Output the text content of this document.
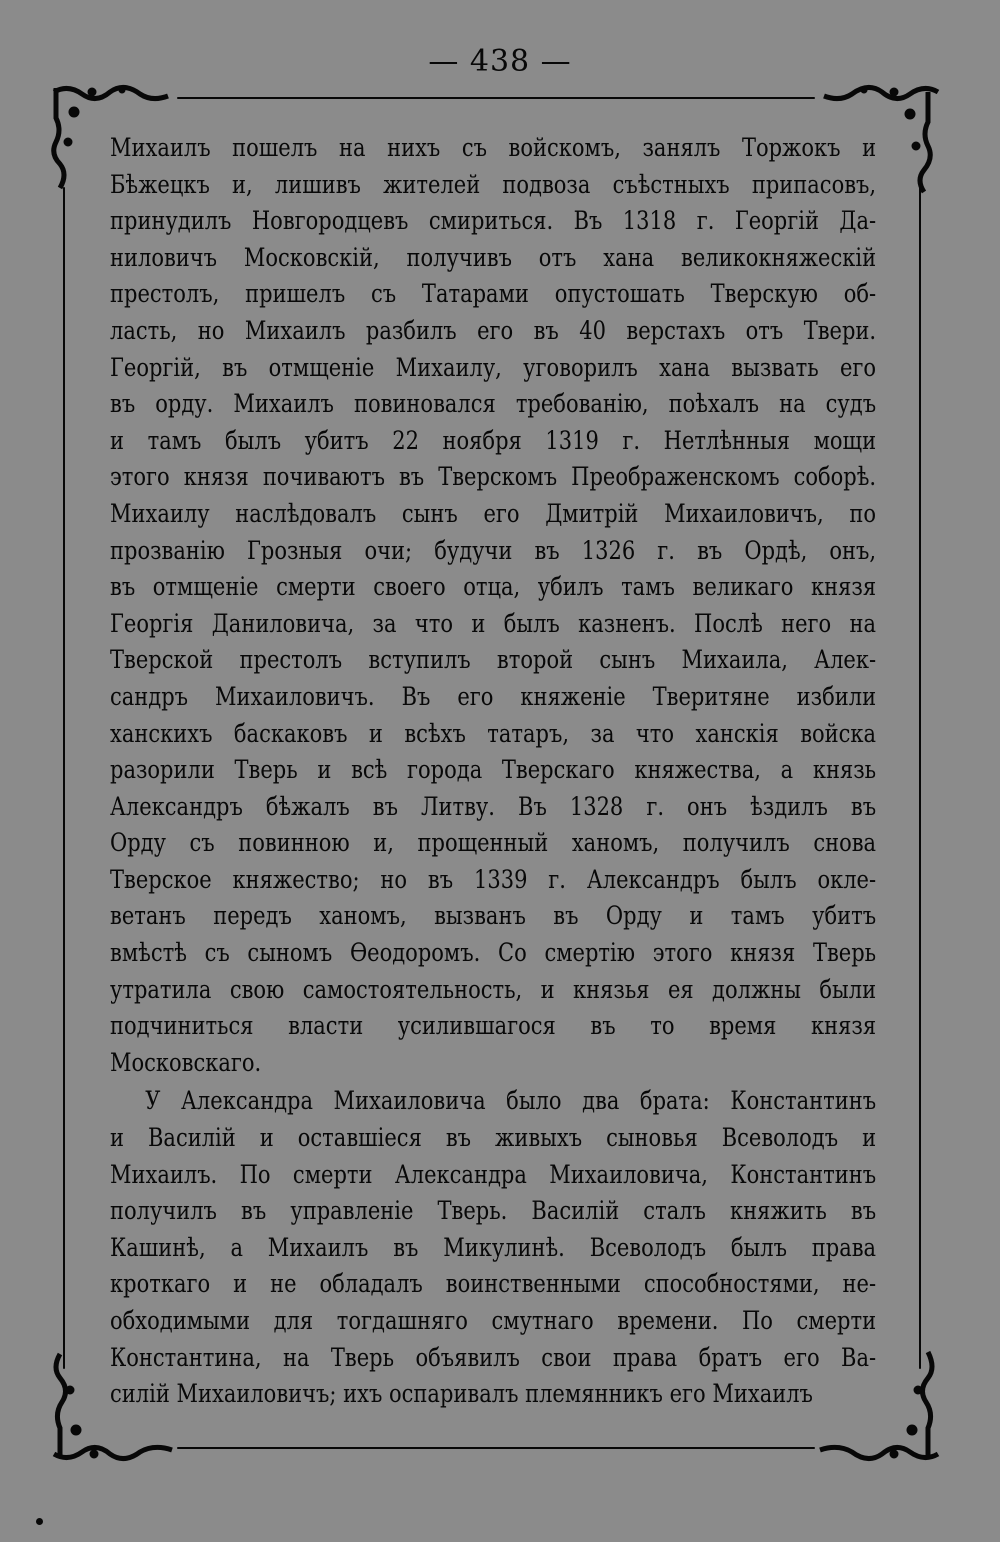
— 438 —
Михаилъ пошелъ на нихъ съ войскомъ, занялъ Торжокъ и
Бѣжецкъ и, лишивъ жителей подвоза съѣстныхъ припасовъ,
принудилъ Новгородцевъ смириться. Въ 1318 г. Георгій Да-
ниловичъ Московскій, получивъ отъ хана великокняжескій
престолъ, пришелъ съ Татарами опустошать Тверскую об-
ласть, но Михаилъ разбилъ его въ 40 верстахъ отъ Твери.
Георгій, въ отмщеніе Михаилу, уговорилъ хана вызвать его
въ орду. Михаилъ повиновался требованію, поѣхалъ на судъ
и тамъ былъ убитъ 22 ноября 1319 г. Нетлѣнныя мощи
этого князя почиваютъ въ Тверскомъ Преображенскомъ соборѣ.
Михаилу наслѣдовалъ сынъ его Дмитрій Михаиловичъ, по
прозванію Грозныя очи; будучи въ 1326 г. въ Ордѣ, онъ,
въ отмщеніе смерти своего отца, убилъ тамъ великаго князя
Георгія Даниловича, за что и былъ казненъ. Послѣ него на
Тверской престолъ вступилъ второй сынъ Михаила, Алек-
сандръ Михаиловичъ. Въ его княженіе Тверитяне избили
ханскихъ баскаковъ и всѣхъ татаръ, за что ханскія войска
разорили Тверь и всѣ города Тверскаго княжества, а князь
Александръ бѣжалъ въ Литву. Въ 1328 г. онъ ѣздилъ въ
Орду съ повинною и, прощенный ханомъ, получилъ снова
Тверское княжество; но въ 1339 г. Александръ былъ окле-
ветанъ передъ ханомъ, вызванъ въ Орду и тамъ убитъ
вмѣстѣ съ сыномъ Ѳеодоромъ. Со смертію этого князя Тверь
утратила свою самостоятельность, и князья ея должны были
подчиниться власти усилившагося въ то время князя
Московскаго.
У Александра Михаиловича было два брата: Константинъ
и Василій и оставшіеся въ живыхъ сыновья Всеволодъ и
Михаилъ. По смерти Александра Михаиловича, Константинъ
получилъ въ управленіе Тверь. Василій сталъ княжить въ
Кашинѣ, а Михаилъ въ Микулинѣ. Всеволодъ былъ права
кроткаго и не обладалъ воинственными способностями, не-
обходимыми для тогдашняго смутнаго времени. По смерти
Константина, на Тверь объявилъ свои права братъ его Ва-
силій Михаиловичъ; ихъ оспаривалъ племянникъ его Михаилъ
